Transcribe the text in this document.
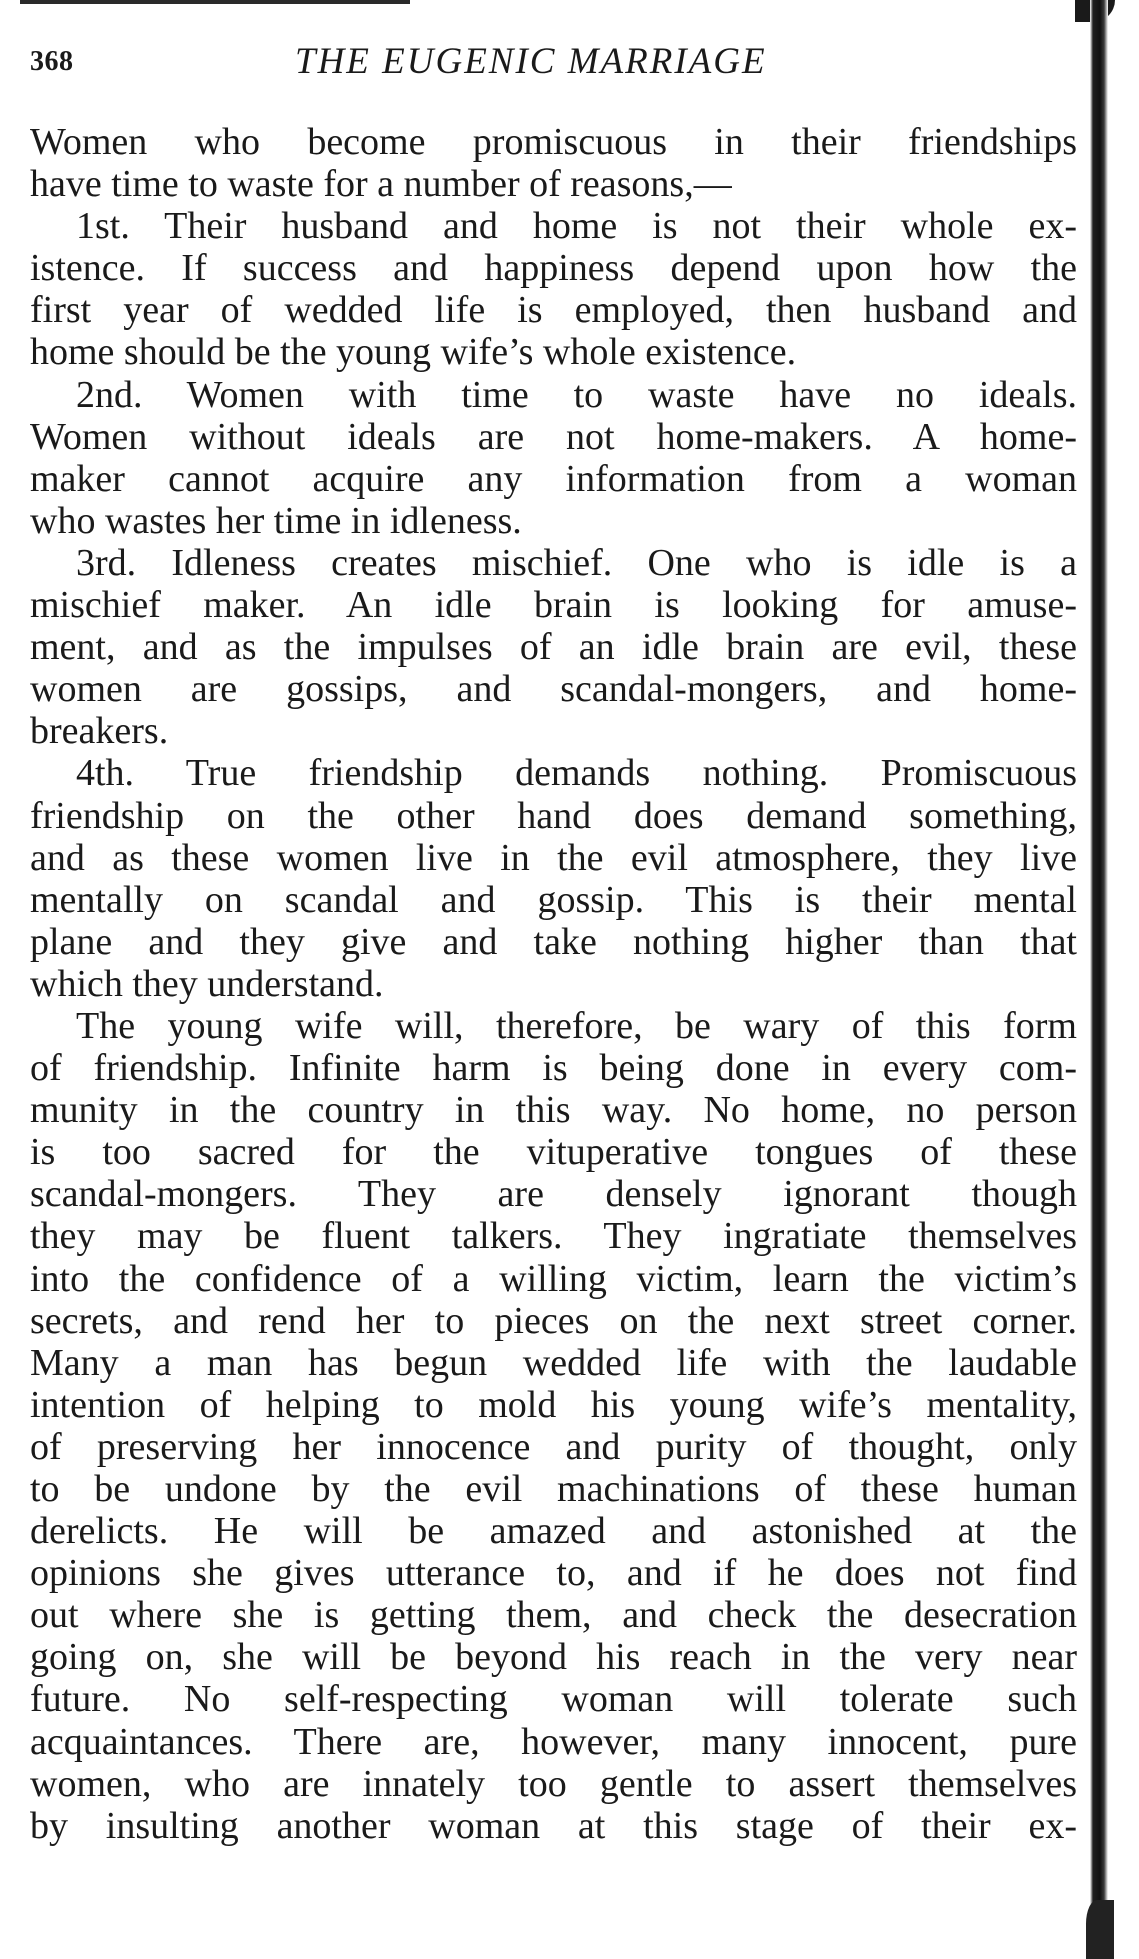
368	THE EUGENIC MARRIAGE
Women who become promiscuous in their friendships
have time to waste for a number of reasons,—
1st. Their husband and home is not their whole ex-
istence. If success and happiness depend upon how the
first year of wedded life is employed, then husband and
home should be the young wife’s whole existence.
2nd. Women with time to waste have no ideals.
Women without ideals are not home-makers. A home-
maker cannot acquire any information from a woman
who wastes her time in idleness.
3rd. Idleness creates mischief. One who is idle is a
mischief maker. An idle brain is looking for amuse-
ment, and as the impulses of an idle brain are evil, these
women are gossips, and scandal-mongers, and home-
breakers.
4th. True friendship demands nothing. Promiscuous
friendship on the other hand does demand something,
and as these women live in the evil atmosphere, they live
mentally on scandal and gossip. This is their mental
plane and they give and take nothing higher than that
which they understand.
The young wife will, therefore, be wary of this form
of friendship. Infinite harm is being done in every com-
munity in the country in this way. No home, no person
is too sacred for the vituperative tongues of these
scandal-mongers. They are densely ignorant though
they may be fluent talkers. They ingratiate themselves
into the confidence of a willing victim, learn the victim’s
secrets, and rend her to pieces on the next street corner.
Many a man has begun wedded life with the laudable
intention of helping to mold his young wife’s mentality,
of preserving her innocence and purity of thought, only
to be undone by the evil machinations of these human
derelicts. He will be amazed and astonished at the
opinions she gives utterance to, and if he does not find
out where she is getting them, and check the desecration
going on, she will be beyond his reach in the very near
future. No self-respecting woman will tolerate such
acquaintances. There are, however, many innocent, pure
women, who are innately too gentle to assert themselves
by insulting another woman at this stage of their ex-
